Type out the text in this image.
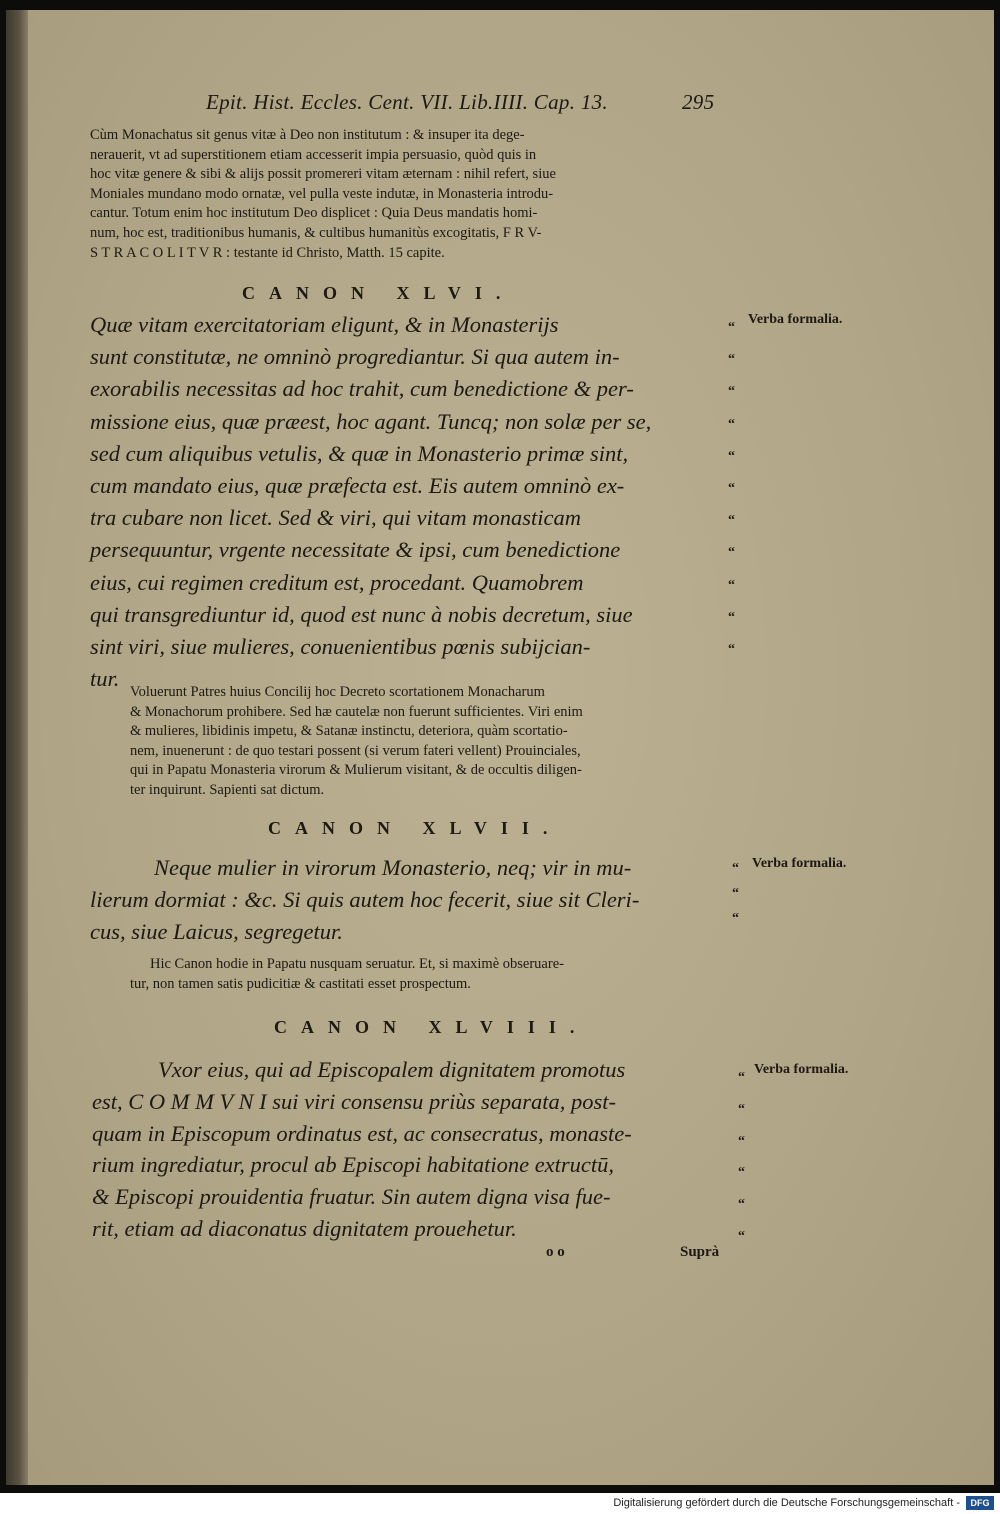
Epit. Hist. Eccles. Cent. VII. Lib.IIII. Cap. 13.	295
Cùm Monachatus sit genus vitæ à Deo non institutum : & insuper ita dege-
nerauerit, vt ad superstitionem etiam accesserit impia persuasio, quòd quis in
hoc vitæ genere & sibi & alijs possit promereri vitam æternam : nihil refert, siue
Moniales mundano modo ornatæ, vel pulla veste indutæ, in Monasteria introdu-
cantur. Totum enim hoc institutum Deo displicet : Quia Deus mandatis homi-
num, hoc est, traditionibus humanis, & cultibus humanitùs excogitatis, F R V-
S T R A C O L I T V R : testante id Christo, Matth. 15 capite.
CANON XLVI.
Verba formalia.
Quæ vitam exercitatoriam eligunt, & in Monasterijs
sunt constitutæ, ne omninò progrediantur. Si qua autem in-
exorabilis necessitas ad hoc trahit, cum benedictione & per-
missione eius, quæ præest, hoc agant. Tuncq; non solæ per se,
sed cum aliquibus vetulis, & quæ in Monasterio primæ sint,
cum mandato eius, quæ præfecta est. Eis autem omninò ex-
tra cubare non licet. Sed & viri, qui vitam monasticam
persequuntur, vrgente necessitate & ipsi, cum benedictione
eius, cui regimen creditum est, procedant. Quamobrem
qui transgrediuntur id, quod est nunc à nobis decretum, siue
sint viri, siue mulieres, conuenientibus pœnis subijcian-
tur.
“
“
“
“
“
“
“
“
“
“
“
Voluerunt Patres huius Concilij hoc Decreto scortationem Monacharum
& Monachorum prohibere. Sed hæ cautelæ non fuerunt sufficientes. Viri enim
& mulieres, libidinis impetu, & Satanæ instinctu, deteriora, quàm scortatio-
nem, inuenerunt : de quo testari possent (si verum fateri vellent) Prouinciales,
qui in Papatu Monasteria virorum & Mulierum visitant, & de occultis diligen-
ter inquirunt. Sapienti sat dictum.
CANON XLVII.
Verba formalia.
Neque mulier in virorum Monasterio, neq; vir in mu-
lierum dormiat : &c. Si quis autem hoc fecerit, siue sit Cleri-
cus, siue Laicus, segregetur.
“
“
“
Hic Canon hodie in Papatu nusquam seruatur. Et, si maximè obseruare-
tur, non tamen satis pudicitiæ & castitati esset prospectum.
CANON XLVIII.
Verba formalia.
Vxor eius, qui ad Episcopalem dignitatem promotus
est, C O M M V N I sui viri consensu priùs separata, post-
quam in Episcopum ordinatus est, ac consecratus, monaste-
rium ingrediatur, procul ab Episcopi habitatione extructū,
& Episcopi prouidentia fruatur. Sin autem digna visa fue-
rit, etiam ad diaconatus dignitatem prouehetur.
“
“
“
“
“
“
o o	Suprà
Digitalisierung gefördert durch die Deutsche Forschungsgemeinschaft -	DFG
